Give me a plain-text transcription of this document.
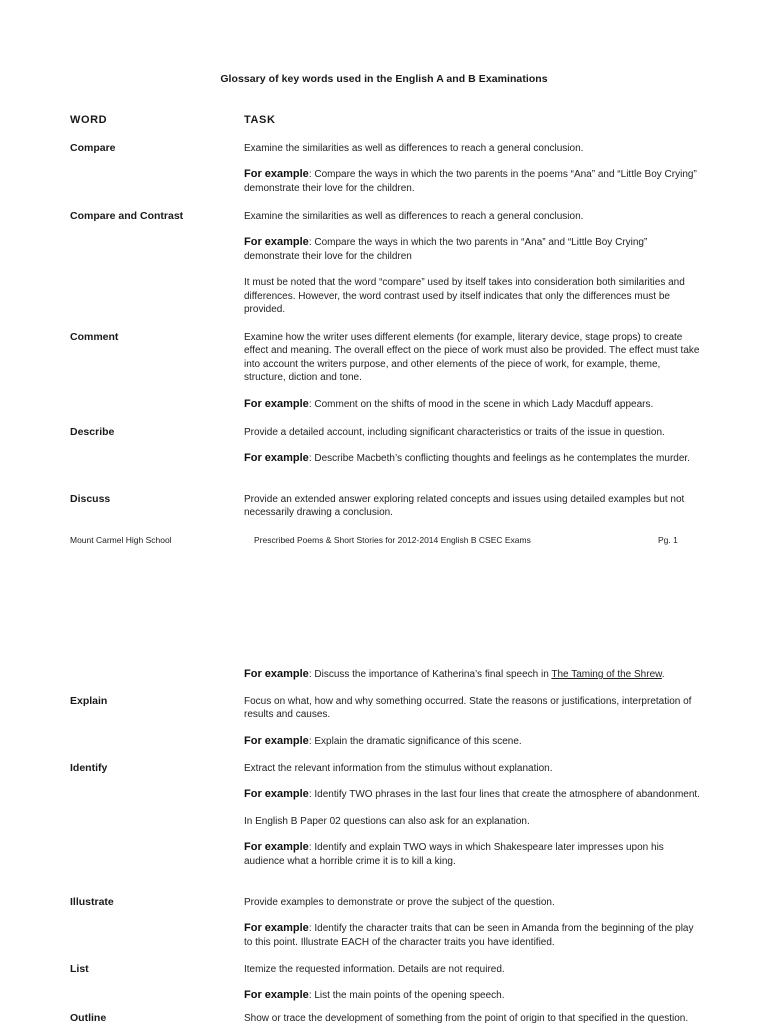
Glossary of key words used in the English A and B Examinations
WORD	TASK
Compare	Examine the similarities as well as differences to reach a general conclusion.

For example: Compare the ways in which the two parents in the poems “Ana” and “Little Boy Crying” demonstrate their love for the children.

Compare and Contrast	Examine the similarities as well as differences to reach a general conclusion.

For example: Compare the ways in which the two parents in “Ana” and “Little Boy Crying” demonstrate their love for the children

It must be noted that the word “compare” used by itself takes into consideration both similarities and differences. However, the word contrast used by itself indicates that only the differences must be provided.

Comment	Examine how the writer uses different elements (for example, literary device, stage props) to create effect and meaning. The overall effect on the piece of work must also be provided. The effect must take into account the writers purpose, and other elements of the piece of work, for example, theme, structure, diction and tone.

For example: Comment on the shifts of mood in the scene in which Lady Macduff appears.

Describe	Provide a detailed account, including significant characteristics or traits of the issue in question.

For example: Describe Macbeth’s conflicting thoughts and feelings as he contemplates the murder.

Discuss	Provide an extended answer exploring related concepts and issues using detailed examples but not necessarily drawing a conclusion.

Mount Carmel High School	Prescribed Poems & Short Stories for 2012-2014 English B CSEC Exams	Pg. 1

For example: Discuss the importance of Katherina’s final speech in The Taming of the Shrew.

Explain	Focus on what, how and why something occurred. State the reasons or justifications, interpretation of results and causes.

For example: Explain the dramatic significance of this scene.

Identify	Extract the relevant information from the stimulus without explanation.

For example: Identify TWO phrases in the last four lines that create the atmosphere of abandonment.

In English B Paper 02 questions can also ask for an explanation.

For example: Identify and explain TWO ways in which Shakespeare later impresses upon his audience what a horrible crime it is to kill a king.

Illustrate	Provide examples to demonstrate or prove the subject of the question.

For example: Identify the character traits that can be seen in Amanda from the beginning of the play to this point. Illustrate EACH of the character traits you have identified.

List	Itemize the requested information. Details are not required.

For example: List the main points of the opening speech.

Outline	Show or trace the development of something from the point of origin to that specified in the question.
